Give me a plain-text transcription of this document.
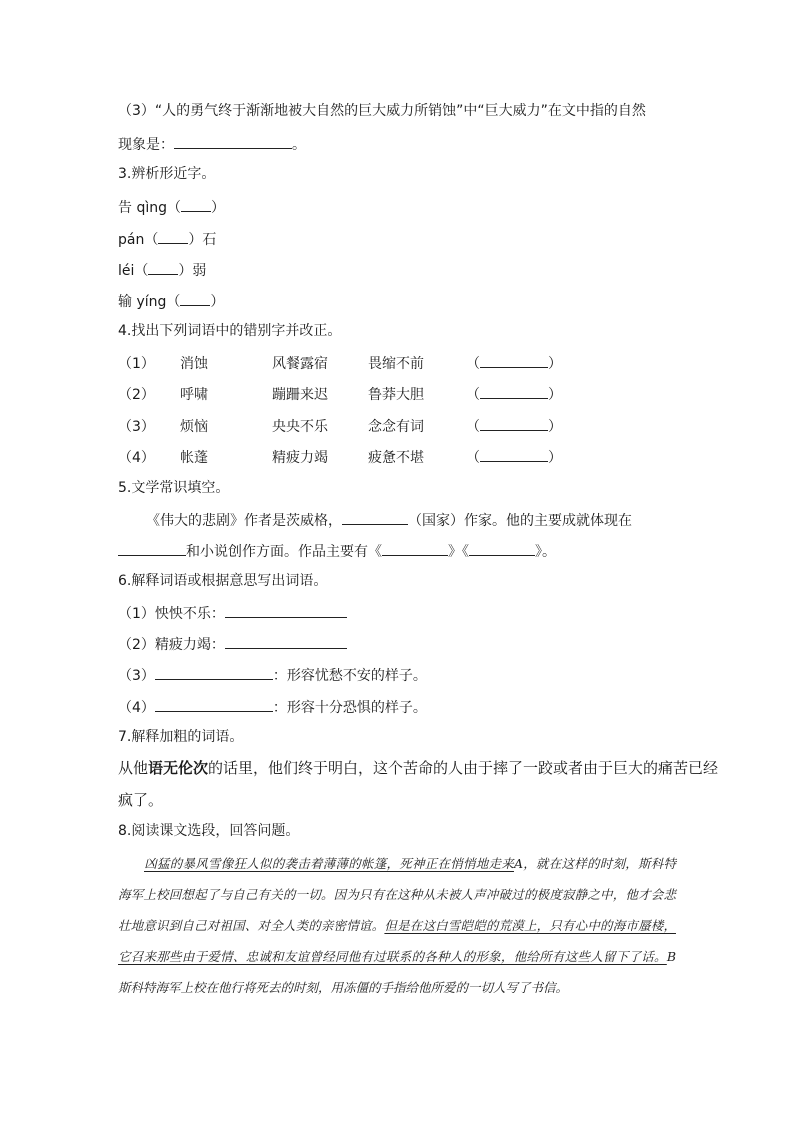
（3）“人的勇气终于渐渐地被大自然的巨大威力所销蚀”中“巨大威力”在文中指的自然
现象是：	。
3.辨析形近字。
告 qìng（ ）
pán（ ）石
léi（ ）弱
输 yíng（ ）
4.找出下列词语中的错别字并改正。
（1） 消蚀	风餐露宿	畏缩不前	（	）
（2） 呼啸	蹦跚来迟	鲁莽大胆	（	）
（3） 烦恼	央央不乐	念念有词	（	）
（4） 帐蓬	精疲力竭	疲惫不堪	（	）
5.文学常识填空。
《伟大的悲剧》作者是茨威格，	（国家）作家。他的主要成就体现在
和小说创作方面。作品主要有《	》《	》。
6.解释词语或根据意思写出词语。
（1）怏怏不乐：
（2）精疲力竭：
（3）	：形容忧愁不安的样子。
（4）	：形容十分恐惧的样子。
7.解释加粗的词语。
从他语无伦次的话里，他们终于明白，这个苦命的人由于摔了一跤或者由于巨大的痛苦已经
疯了。
8.阅读课文选段，回答问题。
凶猛的暴风雪像狂人似的袭击着薄薄的帐篷，死神正在悄悄地走来A，就在这样的时刻，斯科特海军上校回想起了与自己有关的一切。因为只有在这种从未被人声冲破过的极度寂静之中，他才会悲壮地意识到自己对祖国、对全人类的亲密情谊。但是在这白雪皑皑的荒漠上，只有心中的海市蜃楼，它召来那些由于爱情、忠诚和友谊曾经同他有过联系的各种人的形象，他给所有这些人留下了话。B斯科特海军上校在他行将死去的时刻，用冻僵的手指给他所爱的一切人写了书信。
